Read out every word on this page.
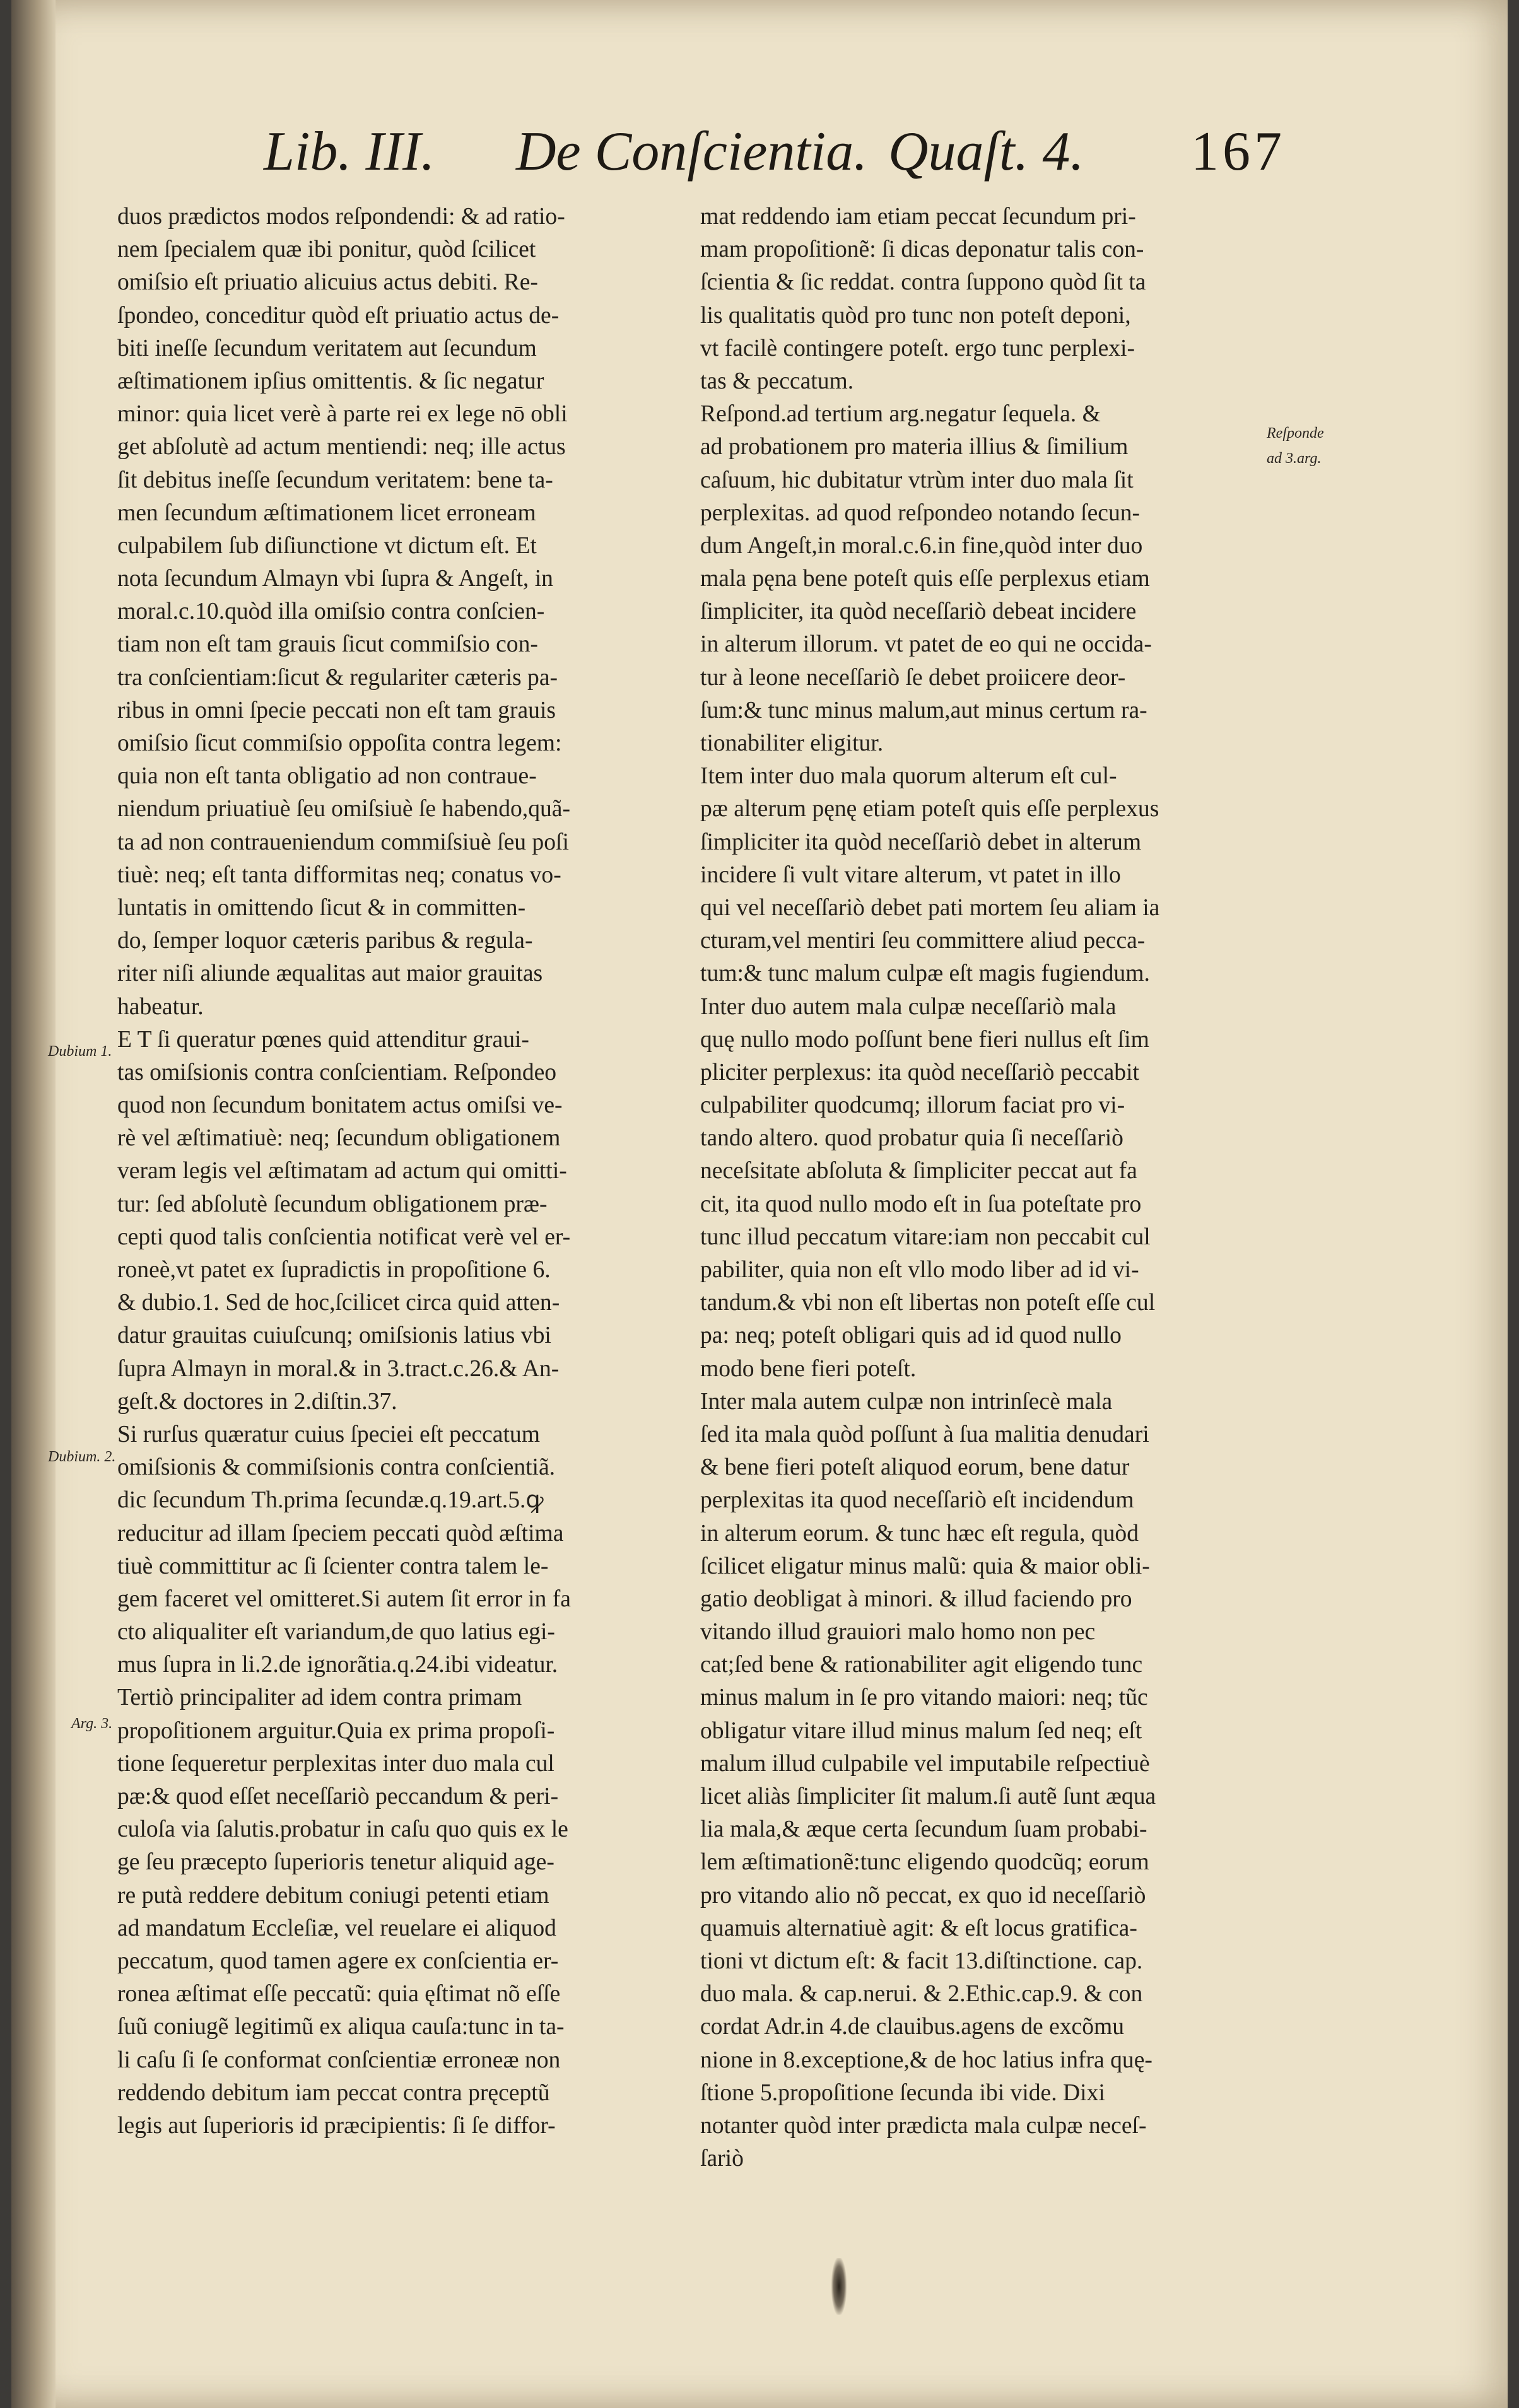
Lib. III. De Conſcientia. Quaſt. 4. 167
duos prædictos modos reſpondendi: & ad ratio-
nem ſpecialem quæ ibi ponitur, quòd ſcilicet
omiſsio eſt priuatio alicuius actus debiti. Re-
ſpondeo, conceditur quòd eſt priuatio actus de-
biti ineſſe ſecundum veritatem aut ſecundum
æſtimationem ipſius omittentis. & ſic negatur
minor: quia licet verè à parte rei ex lege nō obli
get abſolutè ad actum mentiendi: neq; ille actus
ſit debitus ineſſe ſecundum veritatem: bene ta-
men ſecundum æſtimationem licet erroneam
culpabilem ſub diſiunctione vt dictum eſt. Et
nota ſecundum Almayn vbi ſupra & Angeſt, in
moral.c.10.quòd illa omiſsio contra conſcien-
tiam non eſt tam grauis ſicut commiſsio con-
tra conſcientiam:ſicut & regulariter cæteris pa-
ribus in omni ſpecie peccati non eſt tam grauis
omiſsio ſicut commiſsio oppoſita contra legem:
quia non eſt tanta obligatio ad non contraue-
niendum priuatiuè ſeu omiſsiuè ſe habendo,quã-
ta ad non contraueniendum commiſsiuè ſeu poſi
tiuè: neq; eſt tanta difformitas neq; conatus vo-
luntatis in omittendo ſicut & in committen-
do, ſemper loquor cæteris paribus & regula-
riter niſi aliunde æqualitas aut maior grauitas
habeatur.
E T ſi queratur pœnes quid attenditur graui-
tas omiſsionis contra conſcientiam. Reſpondeo
quod non ſecundum bonitatem actus omiſsi ve-
rè vel æſtimatiuè: neq; ſecundum obligationem
veram legis vel æſtimatam ad actum qui omitti-
tur: ſed abſolutè ſecundum obligationem præ-
cepti quod talis conſcientia notificat verè vel er-
roneè,vt patet ex ſupradictis in propoſitione 6.
& dubio.1. Sed de hoc,ſcilicet circa quid atten-
datur grauitas cuiuſcunq; omiſsionis latius vbi
ſupra Almayn in moral.& in 3.tract.c.26.& An-
geſt.& doctores in 2.diſtin.37.
Si rurſus quæratur cuius ſpeciei eſt peccatum
omiſsionis & commiſsionis contra conſcientiã.
dic ſecundum Th.prima ſecundæ.q.19.art.5.ꝙ
reducitur ad illam ſpeciem peccati quòd æſtima
tiuè committitur ac ſi ſcienter contra talem le-
gem faceret vel omitteret.Si autem ſit error in fa
cto aliqualiter eſt variandum,de quo latius egi-
mus ſupra in li.2.de ignorãtia.q.24.ibi videatur.
Tertiò principaliter ad idem contra primam
propoſitionem arguitur.Quia ex prima propoſi-
tione ſequeretur perplexitas inter duo mala cul
pæ:& quod eſſet neceſſariò peccandum & peri-
culoſa via ſalutis.probatur in caſu quo quis ex le
ge ſeu præcepto ſuperioris tenetur aliquid age-
re putà reddere debitum coniugi petenti etiam
ad mandatum Eccleſiæ, vel reuelare ei aliquod
peccatum, quod tamen agere ex conſcientia er-
ronea æſtimat eſſe peccatũ: quia ęſtimat nõ eſſe
ſuũ coniugẽ legitimũ ex aliqua cauſa:tunc in ta-
li caſu ſi ſe conformat conſcientiæ erroneæ non
reddendo debitum iam peccat contra pręceptũ
legis aut ſuperioris id præcipientis: ſi ſe diffor-
mat reddendo iam etiam peccat ſecundum pri-
mam propoſitionẽ: ſi dicas deponatur talis con-
ſcientia & ſic reddat. contra ſuppono quòd ſit ta
lis qualitatis quòd pro tunc non poteſt deponi,
vt facilè contingere poteſt. ergo tunc perplexi-
tas & peccatum.
Reſpond.ad tertium arg.negatur ſequela. &
ad probationem pro materia illius & ſimilium
caſuum, hic dubitatur vtrùm inter duo mala ſit
perplexitas. ad quod reſpondeo notando ſecun-
dum Angeſt,in moral.c.6.in fine,quòd inter duo
mala pęna bene poteſt quis eſſe perplexus etiam
ſimpliciter, ita quòd neceſſariò debeat incidere
in alterum illorum. vt patet de eo qui ne occida-
tur à leone neceſſariò ſe debet proiicere deor-
ſum:& tunc minus malum,aut minus certum ra-
tionabiliter eligitur.
Item inter duo mala quorum alterum eſt cul-
pæ alterum pęnę etiam poteſt quis eſſe perplexus
ſimpliciter ita quòd neceſſariò debet in alterum
incidere ſi vult vitare alterum, vt patet in illo
qui vel neceſſariò debet pati mortem ſeu aliam ia
cturam,vel mentiri ſeu committere aliud pecca-
tum:& tunc malum culpæ eſt magis fugiendum.
Inter duo autem mala culpæ neceſſariò mala
quę nullo modo poſſunt bene fieri nullus eſt ſim
pliciter perplexus: ita quòd neceſſariò peccabit
culpabiliter quodcumq; illorum faciat pro vi-
tando altero. quod probatur quia ſi neceſſariò
neceſsitate abſoluta & ſimpliciter peccat aut fa
cit, ita quod nullo modo eſt in ſua poteſtate pro
tunc illud peccatum vitare:iam non peccabit cul
pabiliter, quia non eſt vllo modo liber ad id vi-
tandum.& vbi non eſt libertas non poteſt eſſe cul
pa: neq; poteſt obligari quis ad id quod nullo
modo bene fieri poteſt.
Inter mala autem culpæ non intrinſecè mala
ſed ita mala quòd poſſunt à ſua malitia denudari
& bene fieri poteſt aliquod eorum, bene datur
perplexitas ita quod neceſſariò eſt incidendum
in alterum eorum. & tunc hæc eſt regula, quòd
ſcilicet eligatur minus malũ: quia & maior obli-
gatio deobligat à minori. & illud faciendo pro
vitando illud grauiori malo homo non pec
cat;ſed bene & rationabiliter agit eligendo tunc
minus malum in ſe pro vitando maiori: neq; tũc
obligatur vitare illud minus malum ſed neq; eſt
malum illud culpabile vel imputabile reſpectiuè
licet aliàs ſimpliciter ſit malum.ſi autẽ ſunt æqua
lia mala,& æque certa ſecundum ſuam probabi-
lem æſtimationẽ:tunc eligendo quodcũq; eorum
pro vitando alio nõ peccat, ex quo id neceſſariò
quamuis alternatiuè agit: & eſt locus gratifica-
tioni vt dictum eſt: & facit 13.diſtinctione. cap.
duo mala. & cap.nerui. & 2.Ethic.cap.9. & con
cordat Adr.in 4.de clauibus.agens de excõmu
nione in 8.exceptione,& de hoc latius infra quę-
ſtione 5.propoſitione ſecunda ibi vide. Dixi
notanter quòd inter prædicta mala culpæ neceſ-
ſariò
Dubium 1.
Dubium. 2.
Arg. 3.
Reſponde
ad 3.arg.
